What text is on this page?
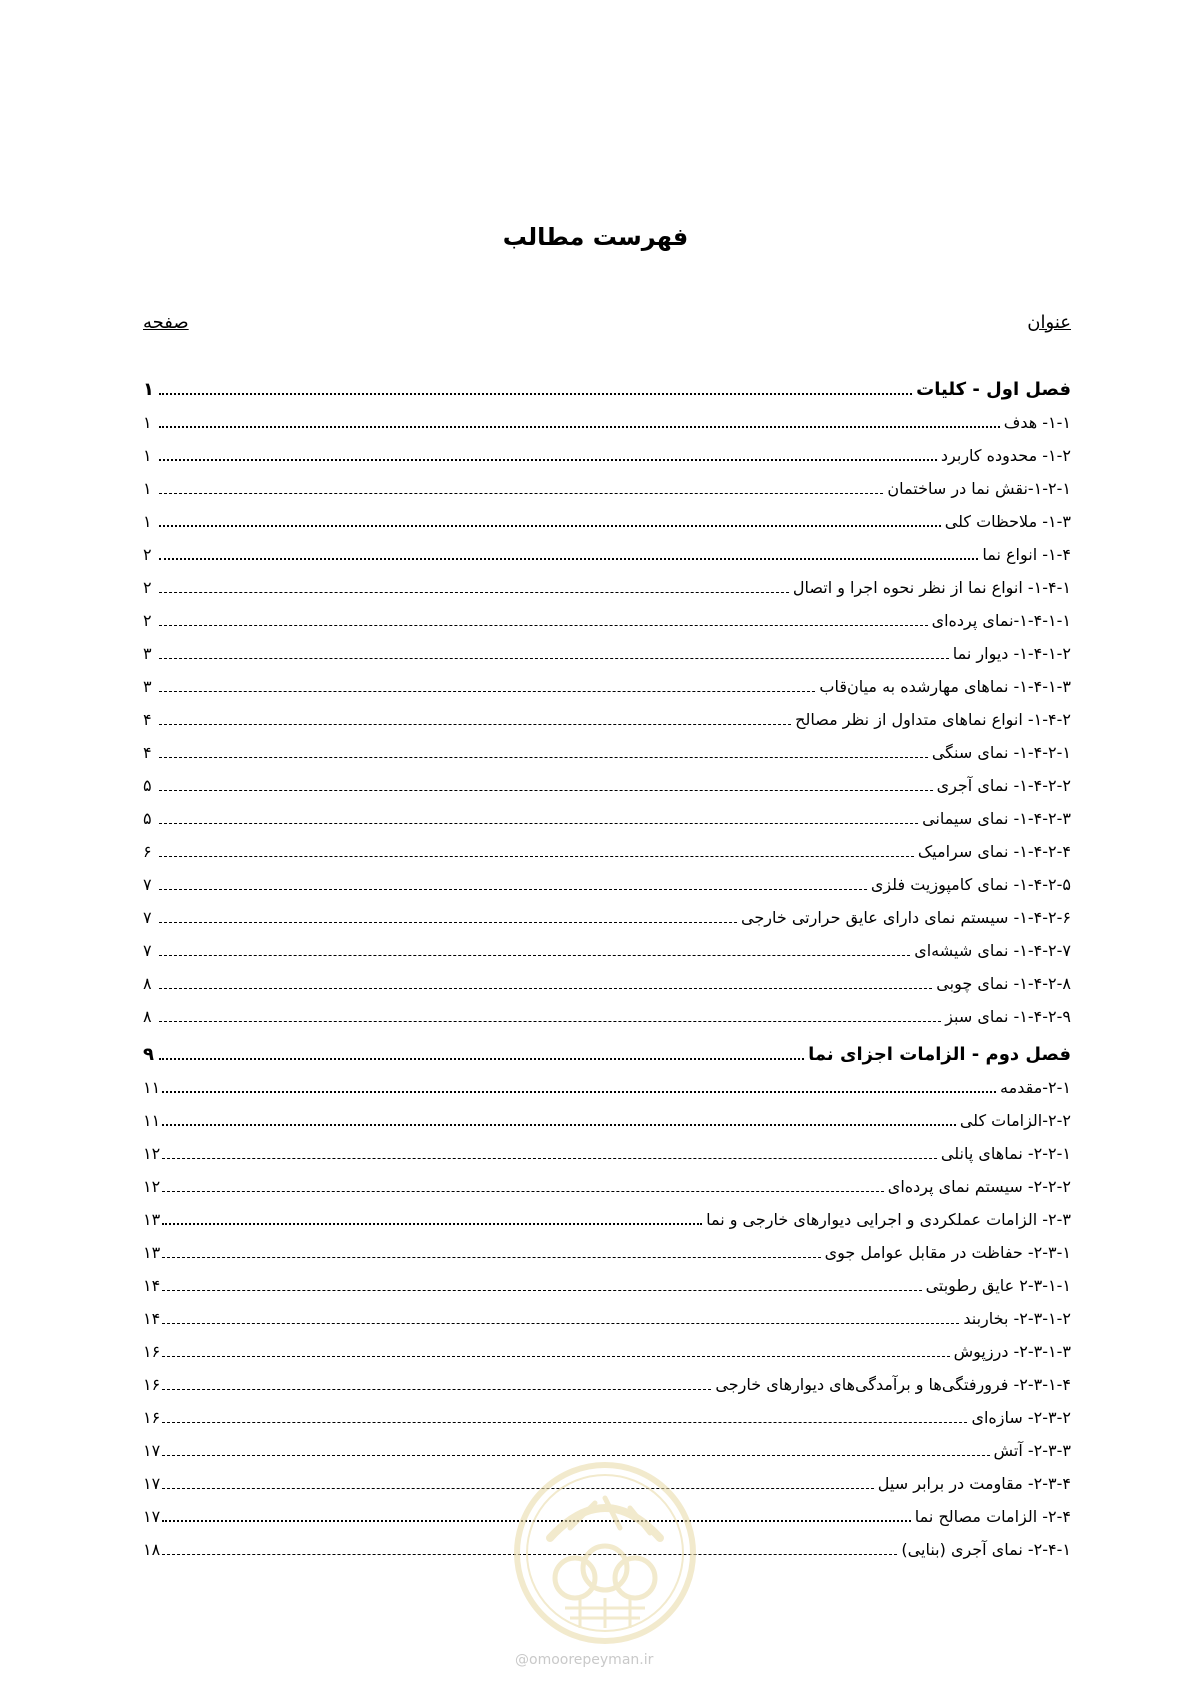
فهرست مطالب
عنوان
صفحه
فصل اول - کلیات
۱
۱-۱- هدف
۱
۱-۲- محدوده کاربرد
۱
۱-۲-۱-نقش نما در ساختمان
۱
۱-۳- ملاحظات کلی
۱
۱-۴- انواع نما
۲
۱-۴-۱- انواع نما از نظر نحوه اجرا و اتصال
۲
۱-۴-۱-۱-نمای پرده‌ای
۲
۱-۴-۱-۲- دیوار نما
۳
۱-۴-۱-۳- نماهای مهارشده به میان‌قاب
۳
۱-۴-۲- انواع نماهای متداول از نظر مصالح
۴
۱-۴-۲-۱- نمای سنگی
۴
۱-۴-۲-۲- نمای آجری
۵
۱-۴-۲-۳- نمای سیمانی
۵
۱-۴-۲-۴- نمای سرامیک
۶
۱-۴-۲-۵- نمای کامپوزیت فلزی
۷
۱-۴-۲-۶- سیستم نمای دارای عایق حرارتی خارجی
۷
۱-۴-۲-۷- نمای شیشه‌ای
۷
۱-۴-۲-۸- نمای چوبی
۸
۱-۴-۲-۹- نمای سبز
۸
فصل دوم - الزامات اجزای نما
۹
۲-۱-مقدمه
۱۱
۲-۲-الزامات کلی
۱۱
۲-۲-۱- نماهای پانلی
۱۲
۲-۲-۲- سیستم نمای پرده‌ای
۱۲
۲-۳- الزامات عملکردی و اجرایی دیوارهای خارجی و نما
۱۳
۲-۳-۱- حفاظت در مقابل عوامل جوی
۱۳
۲-۳-۱-۱ عایق رطوبتی
۱۴
۲-۳-۱-۲- بخاربند
۱۴
۲-۳-۱-۳- درزپوش
۱۶
۲-۳-۱-۴- فرورفتگی‌ها و برآمدگی‌های دیوارهای خارجی
۱۶
۲-۳-۲- سازه‌ای
۱۶
۲-۳-۳- آتش
۱۷
۲-۳-۴- مقاومت در برابر سیل
۱۷
۲-۴- الزامات مصالح نما
۱۷
۲-۴-۱- نمای آجری (بنایی)
۱۸
@omoorepeyman.ir
